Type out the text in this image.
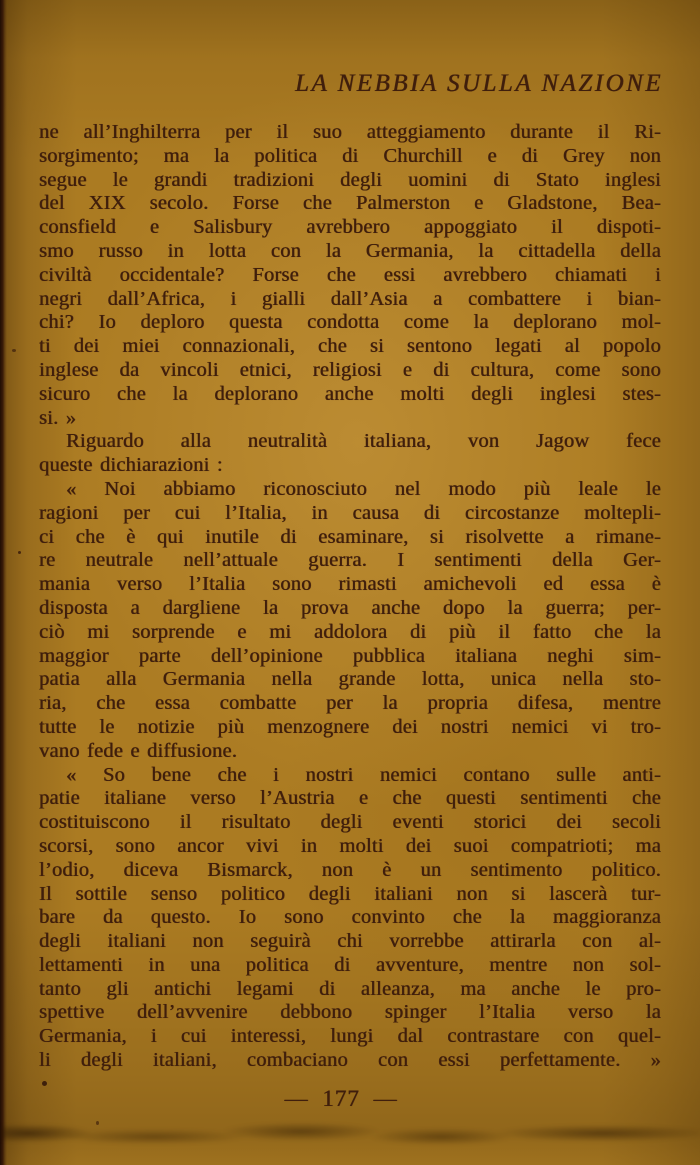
LA NEBBIA SULLA NAZIONE
ne all’Inghilterra per il suo atteggiamento durante il Ri-
sorgimento; ma la politica di Churchill e di Grey non
segue le grandi tradizioni degli uomini di Stato inglesi
del XIX secolo. Forse che Palmerston e Gladstone, Bea-
consfield e Salisbury avrebbero appoggiato il dispoti-
smo russo in lotta con la Germania, la cittadella della
civiltà occidentale? Forse che essi avrebbero chiamati i
negri dall’Africa, i gialli dall’Asia a combattere i bian-
chi? Io deploro questa condotta come la deplorano mol-
ti dei miei connazionali, che si sentono legati al popolo
inglese da vincoli etnici, religiosi e di cultura, come sono
sicuro che la deplorano anche molti degli inglesi stes-
si. »
Riguardo alla neutralità italiana, von Jagow fece
queste dichiarazioni :
« Noi abbiamo riconosciuto nel modo più leale le
ragioni per cui l’Italia, in causa di circostanze moltepli-
ci che è qui inutile di esaminare, si risolvette a rimane-
re neutrale nell’attuale guerra. I sentimenti della Ger-
mania verso l’Italia sono rimasti amichevoli ed essa è
disposta a dargliene la prova anche dopo la guerra; per-
ciò mi sorprende e mi addolora di più il fatto che la
maggior parte dell’opinione pubblica italiana neghi sim-
patia alla Germania nella grande lotta, unica nella sto-
ria, che essa combatte per la propria difesa, mentre
tutte le notizie più menzognere dei nostri nemici vi tro-
vano fede e diffusione.
« So bene che i nostri nemici contano sulle anti-
patie italiane verso l’Austria e che questi sentimenti che
costituiscono il risultato degli eventi storici dei secoli
scorsi, sono ancor vivi in molti dei suoi compatrioti; ma
l’odio, diceva Bismarck, non è un sentimento politico.
Il sottile senso politico degli italiani non si lascerà tur-
bare da questo. Io sono convinto che la maggioranza
degli italiani non seguirà chi vorrebbe attirarla con al-
lettamenti in una politica di avventure, mentre non sol-
tanto gli antichi legami di alleanza, ma anche le pro-
spettive dell’avvenire debbono spinger l’Italia verso la
Germania, i cui interessi, lungi dal contrastare con quel-
li degli italiani, combaciano con essi perfettamente. »
— 177 —
